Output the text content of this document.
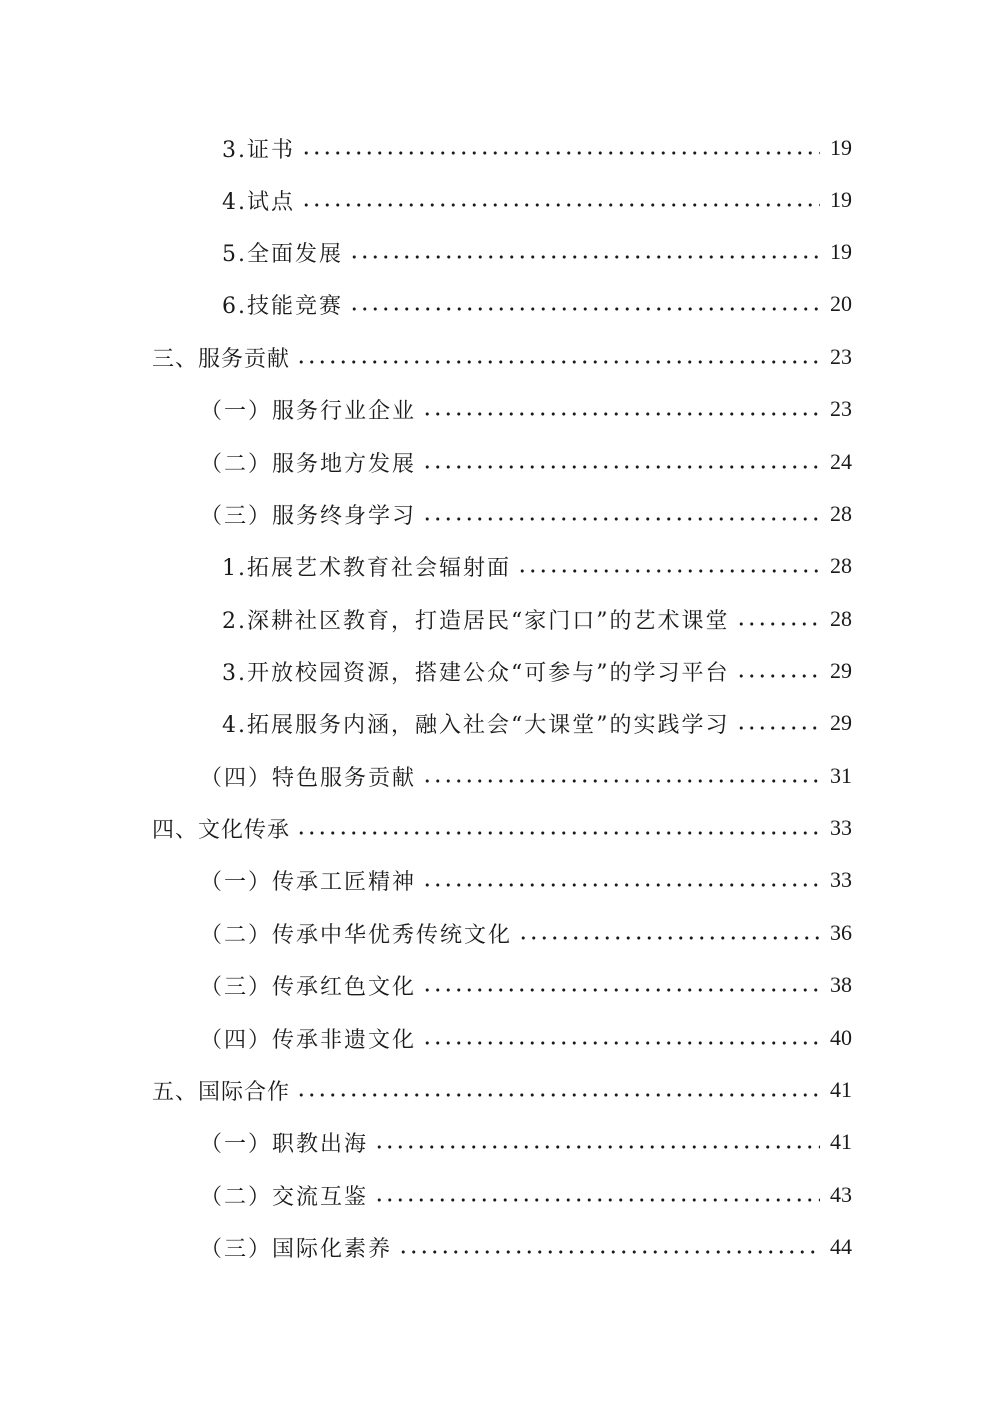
3.证书	19
4.试点	19
5.全面发展	19
6.技能竞赛	20
三、服务贡献	23
（一）服务行业企业	23
（二）服务地方发展	24
（三）服务终身学习	28
1.拓展艺术教育社会辐射面	28
2.深耕社区教育，打造居民“家门口”的艺术课堂	28
3.开放校园资源，搭建公众“可参与”的学习平台	29
4.拓展服务内涵，融入社会“大课堂”的实践学习	29
（四）特色服务贡献	31
四、文化传承	33
（一）传承工匠精神	33
（二）传承中华优秀传统文化	36
（三）传承红色文化	38
（四）传承非遗文化	40
五、国际合作	41
（一）职教出海	41
（二）交流互鉴	43
（三）国际化素养	44
